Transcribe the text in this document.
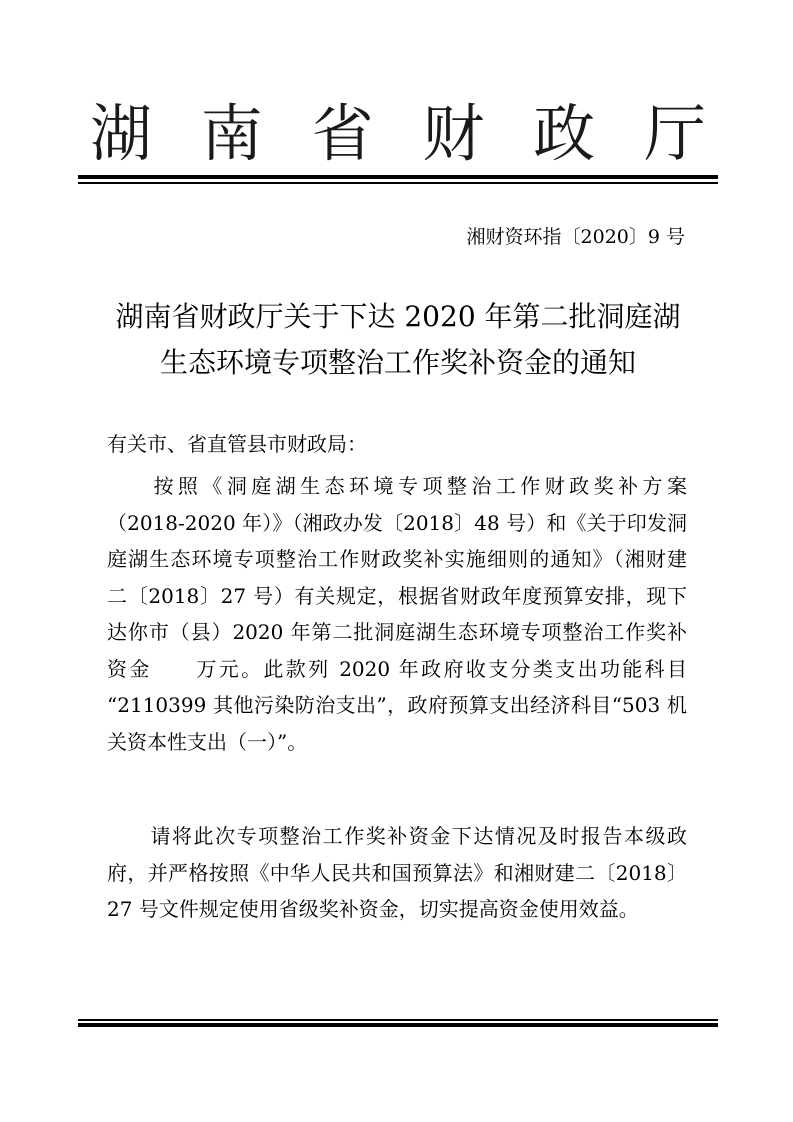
湖 南 省 财 政 厅
湘财资环指〔2020〕9 号
湖南省财政厅关于下达 2020 年第二批洞庭湖
生态环境专项整治工作奖补资金的通知
有关市、省直管县市财政局：
按照《洞庭湖生态环境专项整治工作财政奖补方案
（2018-2020 年）》（湘政办发〔2018〕48 号）和《关于印发洞
庭湖生态环境专项整治工作财政奖补实施细则的通知》（湘财建
二〔2018〕27 号）有关规定，根据省财政年度预算安排，现下
达你市（县）2020 年第二批洞庭湖生态环境专项整治工作奖补
资金　　万元。此款列 2020 年政府收支分类支出功能科目
“2110399 其他污染防治支出”，政府预算支出经济科目“503 机
关资本性支出（一）”。
请将此次专项整治工作奖补资金下达情况及时报告本级政
府，并严格按照《中华人民共和国预算法》和湘财建二〔2018〕
27 号文件规定使用省级奖补资金，切实提高资金使用效益。
